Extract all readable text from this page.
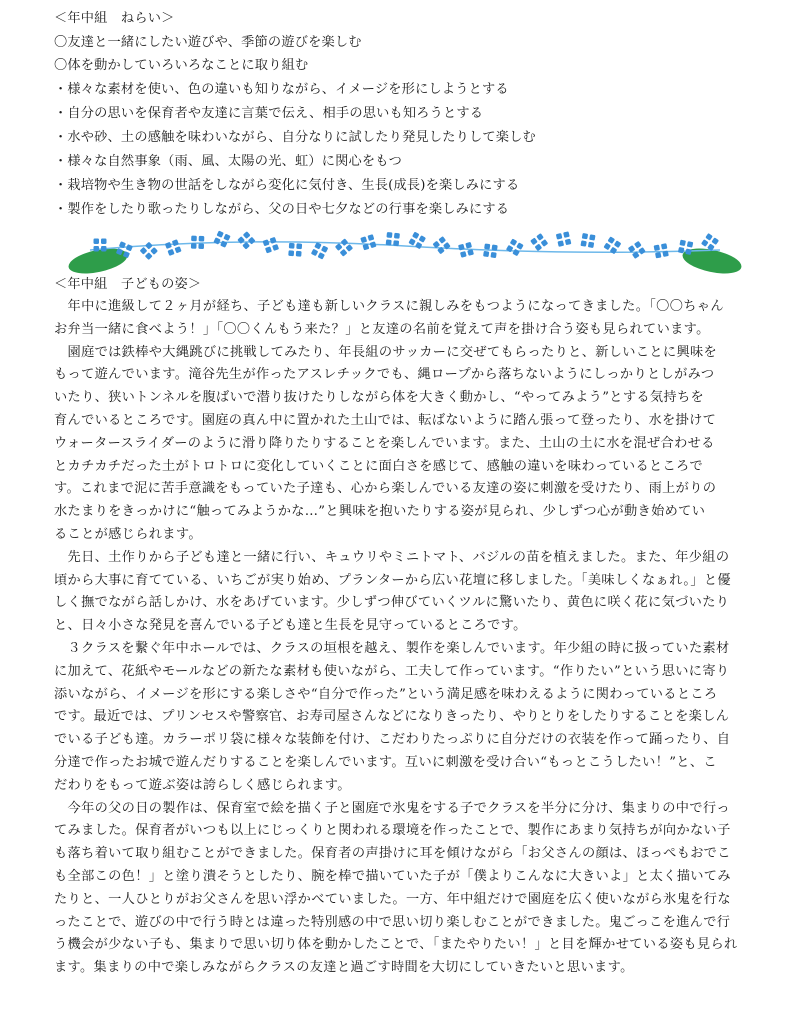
＜年中組　ねらい＞
〇友達と一緒にしたい遊びや、季節の遊びを楽しむ
〇体を動かしていろいろなことに取り組む
・様々な素材を使い、色の違いも知りながら、イメージを形にしようとする
・自分の思いを保育者や友達に言葉で伝え、相手の思いも知ろうとする
・水や砂、土の感触を味わいながら、自分なりに試したり発見したりして楽しむ
・様々な自然事象（雨、風、太陽の光、虹）に関心をもつ
・栽培物や生き物の世話をしながら変化に気付き、生長(成長)を楽しみにする
・製作をしたり歌ったりしながら、父の日や七夕などの行事を楽しみにする
＜年中組　子どもの姿＞
　年中に進級して２ヶ月が経ち、子ども達も新しいクラスに親しみをもつようになってきました。「〇〇ちゃん
お弁当一緒に食べよう！」「〇〇くんもう来た？」と友達の名前を覚えて声を掛け合う姿も見られています。
　園庭では鉄棒や大縄跳びに挑戦してみたり、年長組のサッカーに交ぜてもらったりと、新しいことに興味を
もって遊んでいます。滝谷先生が作ったアスレチックでも、縄ロープから落ちないようにしっかりとしがみつ
いたり、狭いトンネルを腹ばいで潜り抜けたりしながら体を大きく動かし、“やってみよう”とする気持ちを
育んでいるところです。園庭の真ん中に置かれた土山では、転ばないように踏ん張って登ったり、水を掛けて
ウォータースライダーのように滑り降りたりすることを楽しんでいます。また、土山の土に水を混ぜ合わせる
とカチカチだった土がトロトロに変化していくことに面白さを感じて、感触の違いを味わっているところで
す。これまで泥に苦手意識をもっていた子達も、心から楽しんでいる友達の姿に刺激を受けたり、雨上がりの
水たまりをきっかけに“触ってみようかな…”と興味を抱いたりする姿が見られ、少しずつ心が動き始めてい
ることが感じられます。
　先日、土作りから子ども達と一緒に行い、キュウリやミニトマト、バジルの苗を植えました。また、年少組の
頃から大事に育てている、いちごが実り始め、プランターから広い花壇に移しました。「美味しくなぁれ。」と優
しく撫でながら話しかけ、水をあげています。少しずつ伸びていくツルに驚いたり、黄色に咲く花に気づいたり
と、日々小さな発見を喜んでいる子ども達と生長を見守っているところです。
　３クラスを繋ぐ年中ホールでは、クラスの垣根を越え、製作を楽しんでいます。年少組の時に扱っていた素材
に加えて、花紙やモールなどの新たな素材も使いながら、工夫して作っています。“作りたい”という思いに寄り
添いながら、イメージを形にする楽しさや“自分で作った”という満足感を味わえるように関わっているところ
です。最近では、プリンセスや警察官、お寿司屋さんなどになりきったり、やりとりをしたりすることを楽しん
でいる子ども達。カラーポリ袋に様々な装飾を付け、こだわりたっぷりに自分だけの衣装を作って踊ったり、自
分達で作ったお城で遊んだりすることを楽しんでいます。互いに刺激を受け合い“もっとこうしたい！”と、こ
だわりをもって遊ぶ姿は誇らしく感じられます。
　今年の父の日の製作は、保育室で絵を描く子と園庭で氷鬼をする子でクラスを半分に分け、集まりの中で行っ
てみました。保育者がいつも以上にじっくりと関われる環境を作ったことで、製作にあまり気持ちが向かない子
も落ち着いて取り組むことができました。保育者の声掛けに耳を傾けながら「お父さんの顔は、ほっぺもおでこ
も全部この色！」と塗り潰そうとしたり、腕を棒で描いていた子が「僕よりこんなに大きいよ」と太く描いてみ
たりと、一人ひとりがお父さんを思い浮かべていました。一方、年中組だけで園庭を広く使いながら氷鬼を行な
ったことで、遊びの中で行う時とは違った特別感の中で思い切り楽しむことができました。鬼ごっこを進んで行
う機会が少ない子も、集まりで思い切り体を動かしたことで、「またやりたい！」と目を輝かせている姿も見られ
ます。集まりの中で楽しみながらクラスの友達と過ごす時間を大切にしていきたいと思います。
